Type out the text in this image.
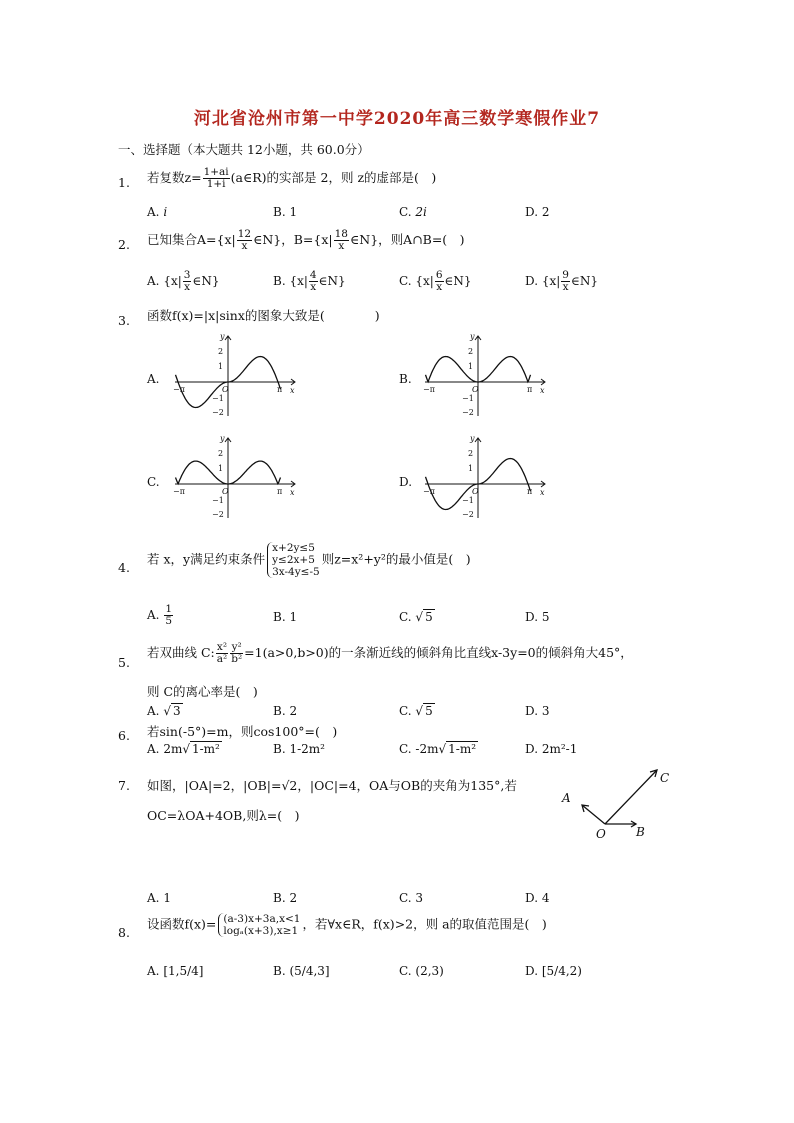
河北省沧州市第一中学2020年高三数学寒假作业7
一、选择题（本大题共 12小题，共 60.0分）
1. 若复数$z= \frac{1+ai}{1+i}$ (a∈R)的实部是 2，则 z的虚部是(　)
A. i	B. 1	C. 2i	D. 2
2. 已知集合$A=\{x| \frac{12}{x}$ ∈N}，$B=\{x| \frac{18}{x}$ ∈N}，则A∩B=(　)
A. {$x| \frac{3}{x}$ ∈N}	B. {$x| \frac{4}{x}$ ∈N}	C. {$x| \frac{6}{x}$ ∈N}	D. {$x| \frac{9}{x}$ ∈N}
3. 函数f(x)=|x|sinx的图象大致是(　　　　)
A.	B.
C.	D.
y
x
O
2
1
−1
−2
π
−π
y
x
O
2
1
−1
−2
π
−π
y
x
O
2
1
−1
−2
π
−π
y
x
O
2
1
−1
−2
π
−π
4.
若 x，y满足约束条件
x+2y≤5
y≤2x+5
3x-4y≤-5
则z=x²+y²的最小值是(　)
A. $\frac{1}{5}$	B. 1	C. √ 5	D. 5
5.
若双曲线 C: $\frac{\text{x²}}{\text{a²}} \frac{\text{y²}}{\text{b²}} =1(a>0,b>0)$的一条渐近线的倾斜角比直线x-3y=0的倾斜角大45°，
则 C的离心率是(　)
A. √ 3	B. 2	C. √ 5	D. 3
6. 若sin(-5°)=m，则cos100°=(　)
A. 2m√ 1-m²	B. 1-2m²	C. -2m√ 1-m²	D. 2m²-1
7. 如图，|OA|=2，|OB|=√2，|OC|=4，OA与OB的夹角为135°,若
OC=λOA+4OB,则λ=(　)
A
B
C
O
A. 1	B. 2	C. 3	D. 4
8.
设函数f(x)= (a-3)x+3a,x<1
logₐ(x+3),x≥1 ，若∀x∈R，f(x)>2，则 a的取值范围是(　)
A. [1,5/4]	B. (5/4,3]	C. (2,3)	D. [5/4,2)
